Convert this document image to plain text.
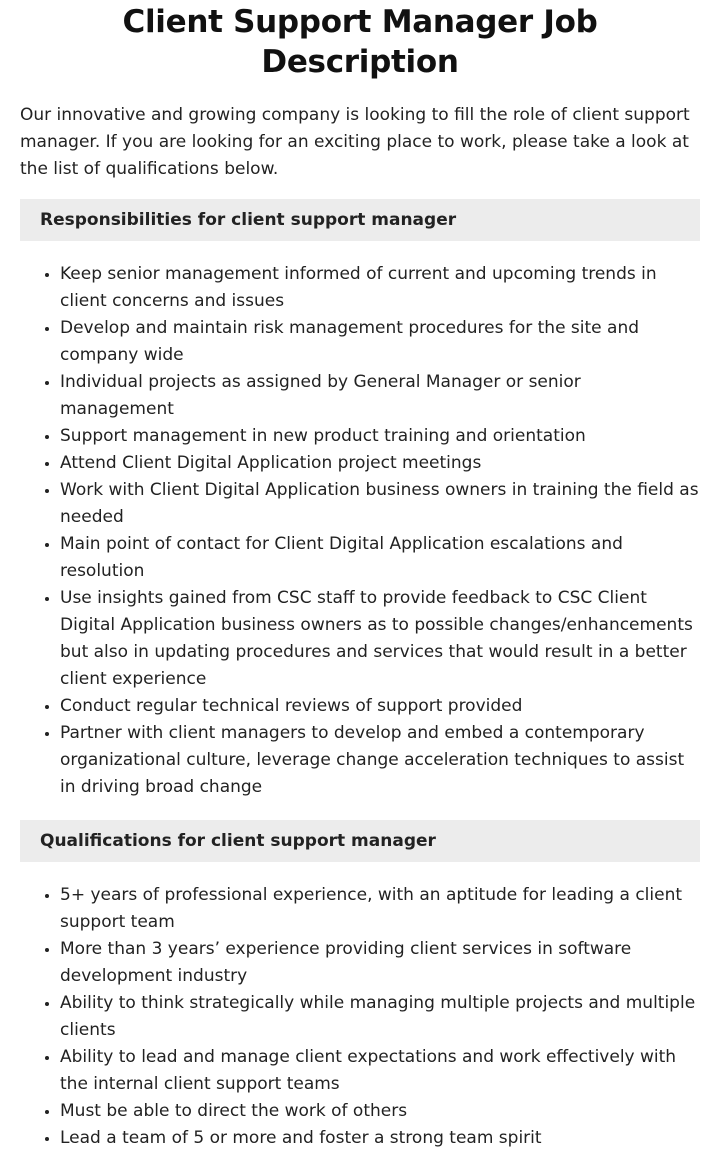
Client Support Manager Job Description

Our innovative and growing company is looking to fill the role of client support manager. If you are looking for an exciting place to work, please take a look at the list of qualifications below.

Responsibilities for client support manager
• Keep senior management informed of current and upcoming trends in client concerns and issues
• Develop and maintain risk management procedures for the site and company wide
• Individual projects as assigned by General Manager or senior management
• Support management in new product training and orientation
• Attend Client Digital Application project meetings
• Work with Client Digital Application business owners in training the field as needed
• Main point of contact for Client Digital Application escalations and resolution
• Use insights gained from CSC staff to provide feedback to CSC Client Digital Application business owners as to possible changes/enhancements but also in updating procedures and services that would result in a better client experience
• Conduct regular technical reviews of support provided
• Partner with client managers to develop and embed a contemporary organizational culture, leverage change acceleration techniques to assist in driving broad change
Qualifications for client support manager
• 5+ years of professional experience, with an aptitude for leading a client support team
• More than 3 years’ experience providing client services in software development industry
• Ability to think strategically while managing multiple projects and multiple clients
• Ability to lead and manage client expectations and work effectively with the internal client support teams
• Must be able to direct the work of others
• Lead a team of 5 or more and foster a strong team spirit
